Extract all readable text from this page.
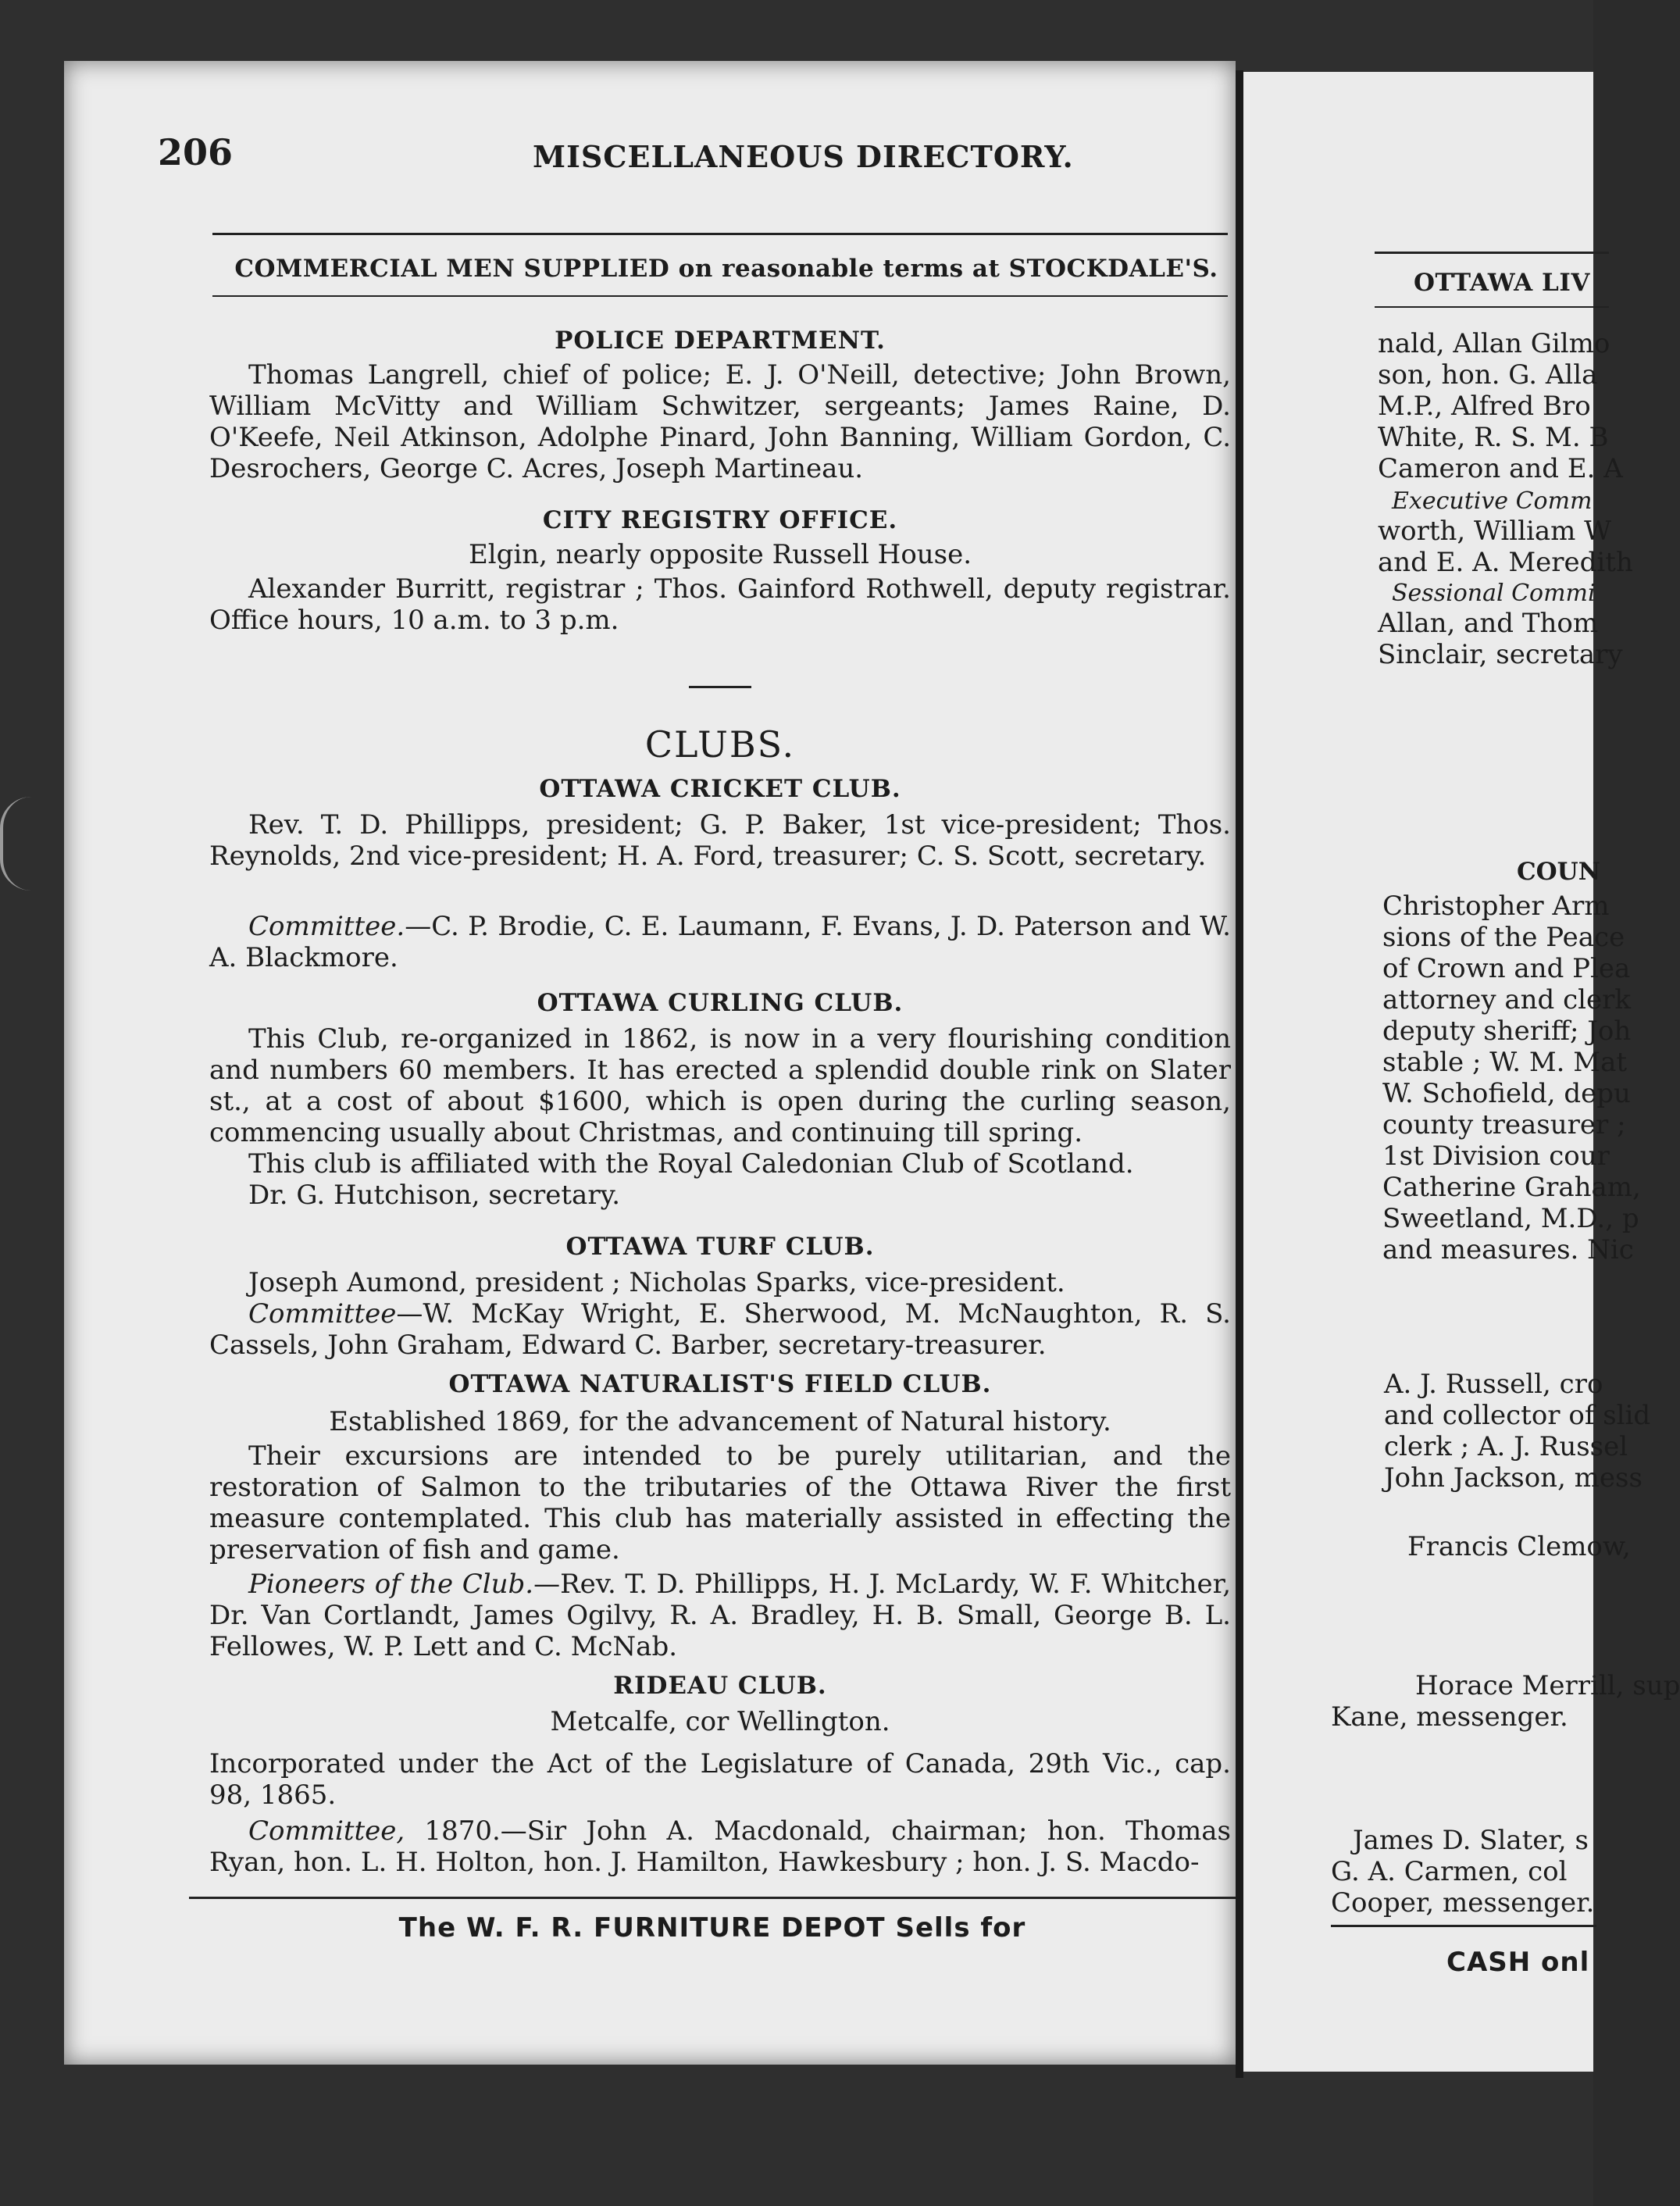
206	MISCELLANEOUS DIRECTORY.
COMMERCIAL MEN SUPPLIED on reasonable terms at STOCKDALE'S.
POLICE DEPARTMENT.
Thomas Langrell, chief of police; E. J. O'Neill, detective; John Brown, William McVitty and William Schwitzer, sergeants; James Raine, D. O'Keefe, Neil Atkinson, Adolphe Pinard, John Banning, William Gordon, C. Desrochers, George C. Acres, Joseph Martineau.
CITY REGISTRY OFFICE.
Elgin, nearly opposite Russell House.
Alexander Burritt, registrar ; Thos. Gainford Rothwell, deputy registrar. Office hours, 10 a.m. to 3 p.m.
CLUBS.
OTTAWA CRICKET CLUB.
Rev. T. D. Phillipps, president; G. P. Baker, 1st vice-president; Thos. Reynolds, 2nd vice-president; H. A. Ford, treasurer; C. S. Scott, secretary.
Committee.—C. P. Brodie, C. E. Laumann, F. Evans, J. D. Paterson and W. A. Blackmore.
OTTAWA CURLING CLUB.
This Club, re-organized in 1862, is now in a very flourishing condition and numbers 60 members. It has erected a splendid double rink on Slater st., at a cost of about $1600, which is open during the curling season, commencing usually about Christmas, and continuing till spring.
This club is affiliated with the Royal Caledonian Club of Scotland.
Dr. G. Hutchison, secretary.
OTTAWA TURF CLUB.
Joseph Aumond, president ; Nicholas Sparks, vice-president.
Committee—W. McKay Wright, E. Sherwood, M. McNaughton, R. S. Cassels, John Graham, Edward C. Barber, secretary-treasurer.
OTTAWA NATURALIST'S FIELD CLUB.
Established 1869, for the advancement of Natural history.
Their excursions are intended to be purely utilitarian, and the restoration of Salmon to the tributaries of the Ottawa River the first measure contemplated. This club has materially assisted in effecting the preservation of fish and game.
Pioneers of the Club.—Rev. T. D. Phillipps, H. J. McLardy, W. F. Whitcher, Dr. Van Cortlandt, James Ogilvy, R. A. Bradley, H. B. Small, George B. L. Fellowes, W. P. Lett and C. McNab.
RIDEAU CLUB.
Metcalfe, cor Wellington.
Incorporated under the Act of the Legislature of Canada, 29th Vic., cap. 98, 1865.
Committee, 1870.—Sir John A. Macdonald, chairman; hon. Thomas Ryan, hon. L. H. Holton, hon. J. Hamilton, Hawkesbury ; hon. J. S. Macdo-
The W. F. R. FURNITURE DEPOT Sells for
OTTAWA LIV
nald, Allan Gilmo
son, hon. G. Alla
M.P., Alfred Bro
White, R. S. M. B
Cameron and E. A
Executive Comm
worth, William W
and E. A. Meredith
Sessional Commi
Allan, and Thom
Sinclair, secretary
COUN
Christopher Arm
sions of the Peace
of Crown and Plea
attorney and clerk
deputy sheriff; Joh
stable ; W. M. Mat
W. Schofield, depu
county treasurer ;
1st Division cour
Catherine Graham,
Sweetland, M.D., p
and measures. Nic
A. J. Russell, cro
and collector of slid
clerk ; A. J. Russel
John Jackson, mess
Francis Clemow,
Horace Merrill, sup
Kane, messenger.
James D. Slater, s
G. A. Carmen, col
Cooper, messenger.
CASH onl
